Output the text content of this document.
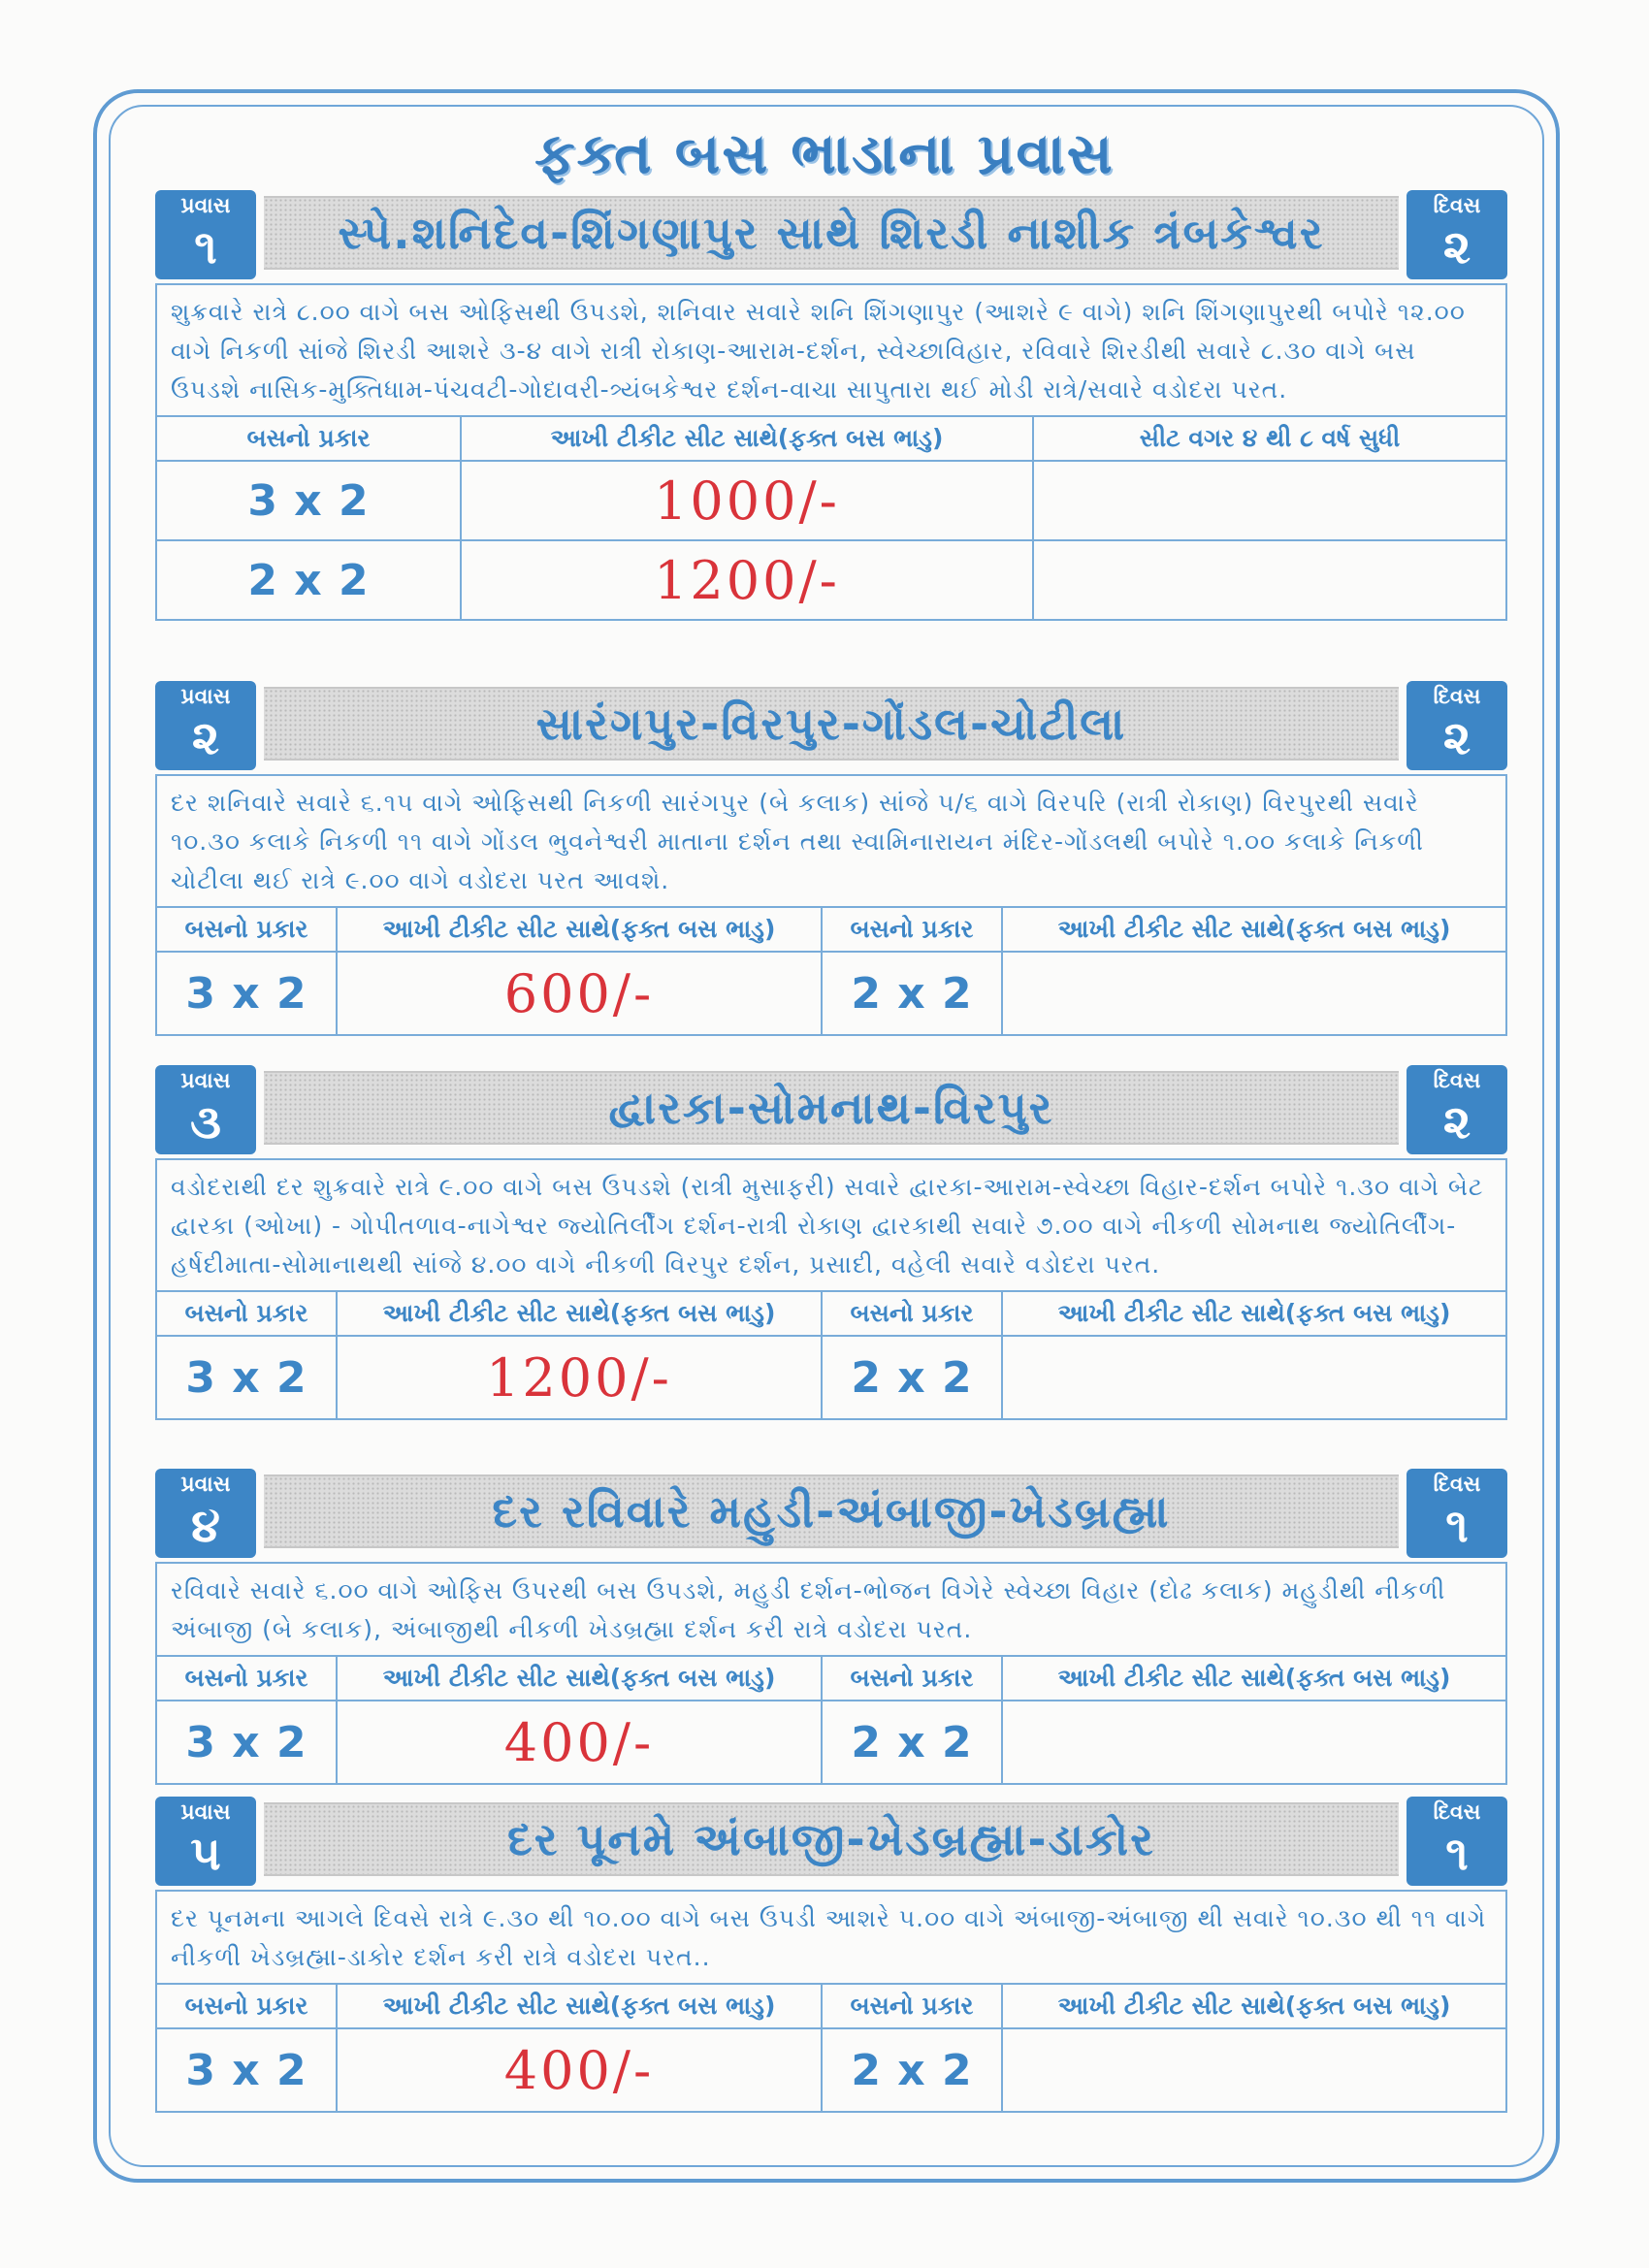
ફક્ત બસ ભાડાના પ્રવાસ
પ્રવાસ
૧	સ્પે.શનિદેવ-શિંગણાપુર સાથે શિરડી નાશીક ત્રંબકેશ્વર
દિવસ
૨
શુક્રવારે રાત્રે ૮.૦૦ વાગે બસ ઓફિસથી ઉપડશે, શનિવાર સવારે શનિ શિંગણાપુર (આશરે ૯ વાગે) શનિ શિંગણાપુરથી બપોરે ૧૨.૦૦ વાગે નિકળી સાંજે શિરડી આશરે ૩-૪ વાગે રાત્રી રોકાણ-આરામ-દર્શન, સ્વેચ્છાવિહાર, રવિવારે શિરડીથી સવારે ૮.૩૦ વાગે બસ ઉપડશે નાસિક-મુક્તિધામ-પંચવટી-ગોદાવરી-ત્ર્યંબકેશ્વર દર્શન-વાચા સાપુતારા થઈ મોડી રાત્રે/સવારે વડોદરા પરત.
બસનો પ્રકાર	આખી ટીકીટ સીટ સાથે(ફક્ત બસ ભાડુ)	સીટ વગર ૪ થી ૮ વર્ષ સુધી
3 x 2	1000/-	
2 x 2	1200/-	
પ્રવાસ
૨	સારંગપુર-વિરપુર-ગોંડલ-ચોટીલા
દિવસ
૨
દર શનિવારે સવારે ૬.૧૫ વાગે ઓફિસથી નિકળી સારંગપુર (બે કલાક) સાંજે ૫/૬ વાગે વિરપરિ (રાત્રી રોકાણ) વિરપુરથી સવારે ૧૦.૩૦ કલાકે નિકળી ૧૧ વાગે ગોંડલ ભુવનેશ્વરી માતાના દર્શન તથા સ્વામિનારાયન મંદિર-ગોંડલથી બપોરે ૧.૦૦ કલાકે નિકળી ચોટીલા થઈ રાત્રે ૯.૦૦ વાગે વડોદરા પરત આવશે.
બસનો પ્રકાર	આખી ટીકીટ સીટ સાથે(ફક્ત બસ ભાડુ)	બસનો પ્રકાર	આખી ટીકીટ સીટ સાથે(ફક્ત બસ ભાડુ)
3 x 2	600/-	2 x 2	
પ્રવાસ
૩	દ્વારકા-સોમનાથ-વિરપુર
દિવસ
૨
વડોદરાથી દર શુક્રવારે રાત્રે ૯.૦૦ વાગે બસ ઉપડશે (રાત્રી મુસાફરી) સવારે દ્વારકા-આરામ-સ્વેચ્છા વિહાર-દર્શન બપોરે ૧.૩૦ વાગે બેટ દ્વારકા (ઓખા) - ગોપીતળાવ-નાગેશ્વર જ્યોતિર્લીંગ દર્શન-રાત્રી રોકાણ દ્વારકાથી સવારે ૭.૦૦ વાગે નીકળી સોમનાથ જ્યોતિર્લીંગ-હર્ષદીમાતા-સોમાનાથથી સાંજે ૪.૦૦ વાગે નીકળી વિરપુર દર્શન, પ્રસાદી, વહેલી સવારે વડોદરા પરત.
બસનો પ્રકાર	આખી ટીકીટ સીટ સાથે(ફક્ત બસ ભાડુ)	બસનો પ્રકાર	આખી ટીકીટ સીટ સાથે(ફક્ત બસ ભાડુ)
3 x 2	1200/-	2 x 2	
પ્રવાસ
૪	દર રવિવારે મહુડી-અંબાજી-ખેડબ્રહ્મા
દિવસ
૧
રવિવારે સવારે ૬.૦૦ વાગે ઓફિસ ઉપરથી બસ ઉપડશે, મહુડી દર્શન-ભોજન વિગેરે સ્વેચ્છા વિહાર (દોઢ કલાક) મહુડીથી નીકળી અંબાજી (બે કલાક), અંબાજીથી નીકળી ખેડબ્રહ્મા દર્શન કરી રાત્રે વડોદરા પરત.
બસનો પ્રકાર	આખી ટીકીટ સીટ સાથે(ફક્ત બસ ભાડુ)	બસનો પ્રકાર	આખી ટીકીટ સીટ સાથે(ફક્ત બસ ભાડુ)
3 x 2	400/-	2 x 2	
પ્રવાસ
૫	દર પૂનમે અંબાજી-ખેડબ્રહ્મા-ડાકોર
દિવસ
૧
દર પૂનમના આગલે દિવસે રાત્રે ૯.૩૦ થી ૧૦.૦૦ વાગે બસ ઉપડી આશરે ૫.૦૦ વાગે અંબાજી-અંબાજી થી સવારે ૧૦.૩૦ થી ૧૧ વાગે નીકળી ખેડબ્રહ્મા-ડાકોર દર્શન કરી રાત્રે વડોદરા પરત..
બસનો પ્રકાર	આખી ટીકીટ સીટ સાથે(ફક્ત બસ ભાડુ)	બસનો પ્રકાર	આખી ટીકીટ સીટ સાથે(ફક્ત બસ ભાડુ)
3 x 2	400/-	2 x 2	
